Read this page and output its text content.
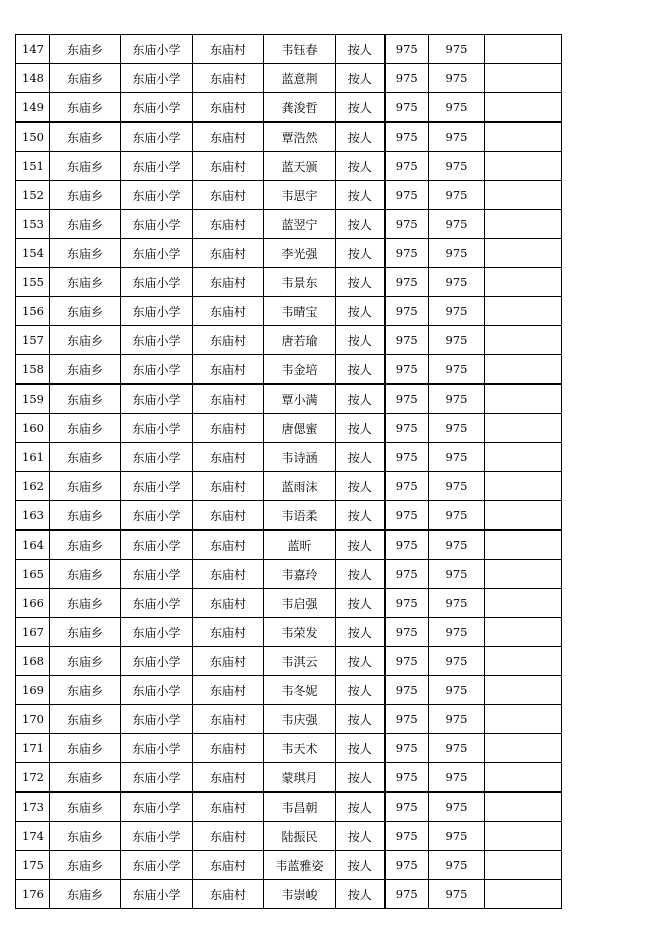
147	东庙乡	东庙小学	东庙村	韦钰春	按人	975	975	
148	东庙乡	东庙小学	东庙村	蓝意荆	按人	975	975	
149	东庙乡	东庙小学	东庙村	龚浚哲	按人	975	975	
150	东庙乡	东庙小学	东庙村	覃浩然	按人	975	975	
151	东庙乡	东庙小学	东庙村	蓝天颁	按人	975	975	
152	东庙乡	东庙小学	东庙村	韦思宇	按人	975	975	
153	东庙乡	东庙小学	东庙村	蓝翌宁	按人	975	975	
154	东庙乡	东庙小学	东庙村	李光强	按人	975	975	
155	东庙乡	东庙小学	东庙村	韦景东	按人	975	975	
156	东庙乡	东庙小学	东庙村	韦晴宝	按人	975	975	
157	东庙乡	东庙小学	东庙村	唐若瑜	按人	975	975	
158	东庙乡	东庙小学	东庙村	韦金培	按人	975	975	
159	东庙乡	东庙小学	东庙村	覃小满	按人	975	975	
160	东庙乡	东庙小学	东庙村	唐偲蜜	按人	975	975	
161	东庙乡	东庙小学	东庙村	韦诗涵	按人	975	975	
162	东庙乡	东庙小学	东庙村	蓝雨沫	按人	975	975	
163	东庙乡	东庙小学	东庙村	韦语柔	按人	975	975	
164	东庙乡	东庙小学	东庙村	蓝昕	按人	975	975	
165	东庙乡	东庙小学	东庙村	韦嘉玲	按人	975	975	
166	东庙乡	东庙小学	东庙村	韦启强	按人	975	975	
167	东庙乡	东庙小学	东庙村	韦荣发	按人	975	975	
168	东庙乡	东庙小学	东庙村	韦淇云	按人	975	975	
169	东庙乡	东庙小学	东庙村	韦冬妮	按人	975	975	
170	东庙乡	东庙小学	东庙村	韦庆强	按人	975	975	
171	东庙乡	东庙小学	东庙村	韦天术	按人	975	975	
172	东庙乡	东庙小学	东庙村	蒙琪月	按人	975	975	
173	东庙乡	东庙小学	东庙村	韦昌朝	按人	975	975	
174	东庙乡	东庙小学	东庙村	陆振民	按人	975	975	
175	东庙乡	东庙小学	东庙村	韦蓝雅姿	按人	975	975	
176	东庙乡	东庙小学	东庙村	韦崇峻	按人	975	975	
